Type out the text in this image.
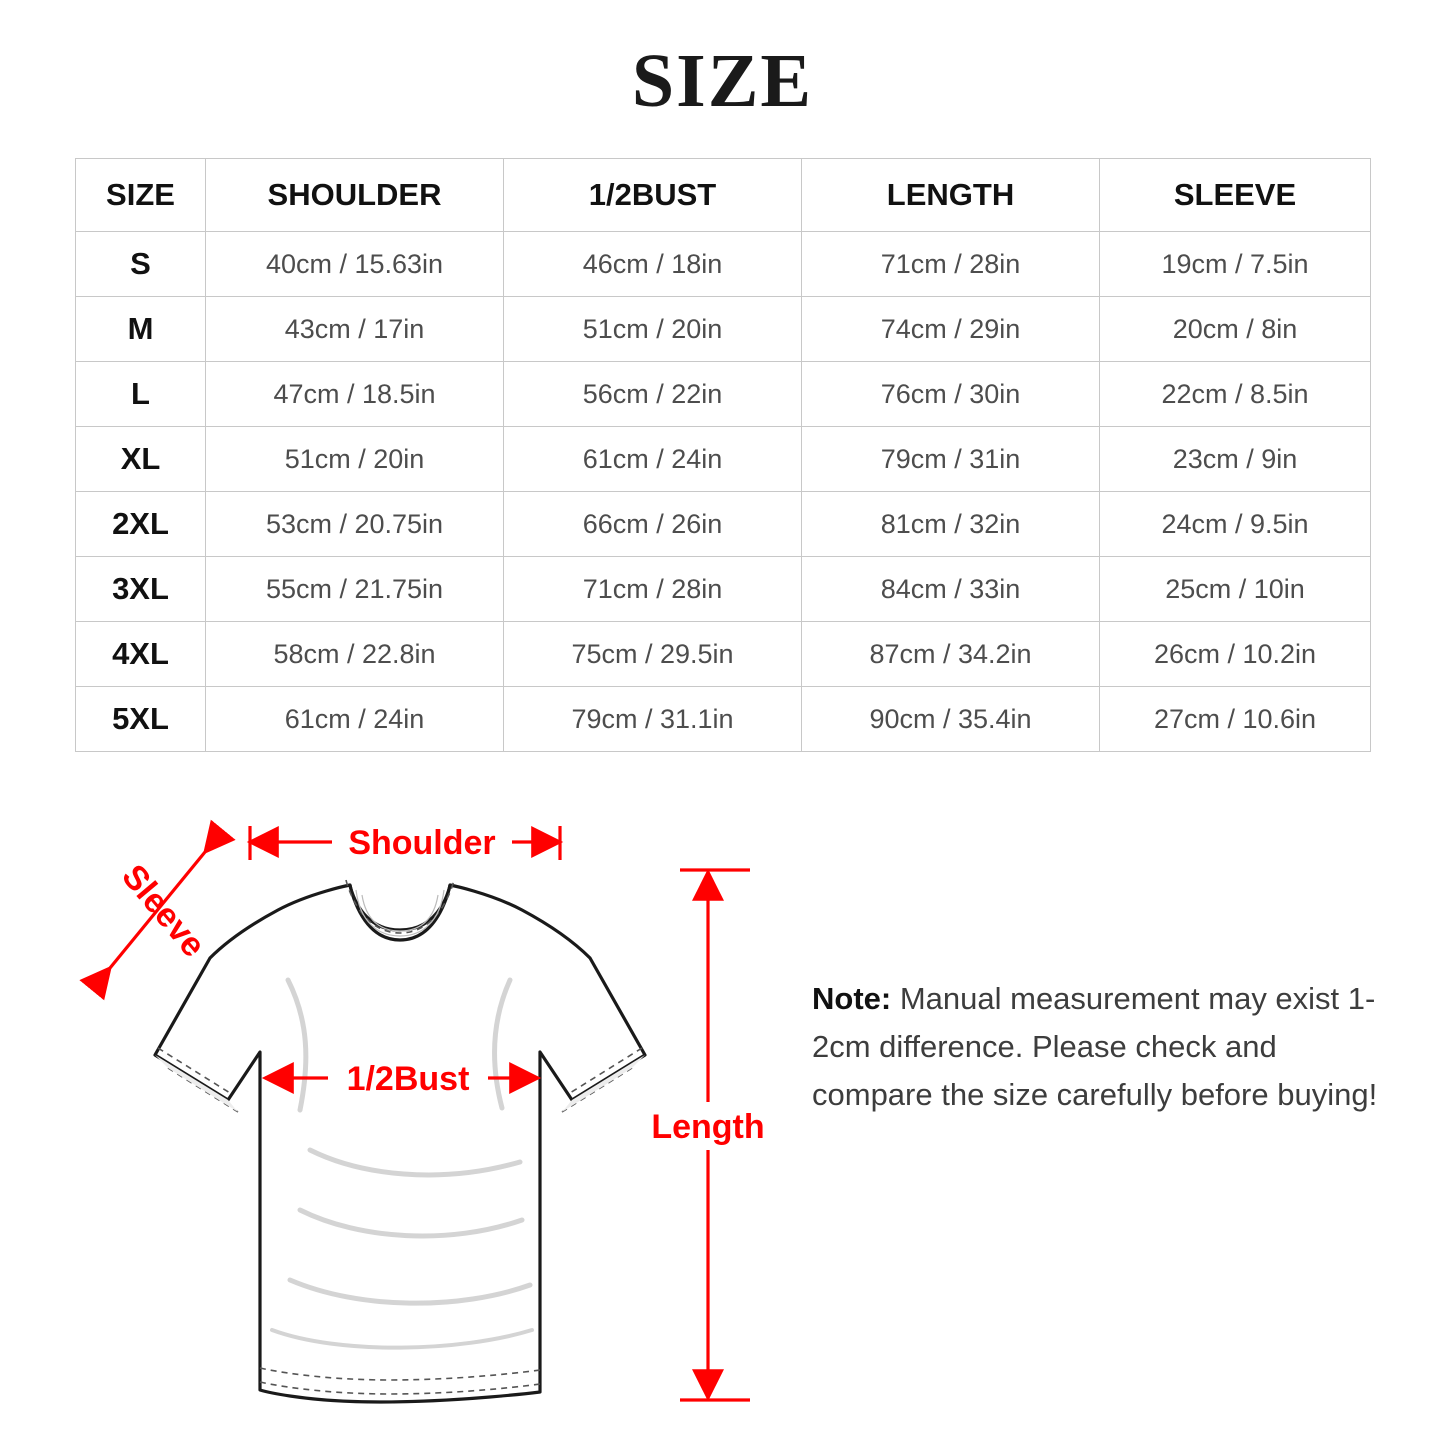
SIZE
SIZE	SHOULDER	1/2BUST	LENGTH	SLEEVE
S	40cm / 15.63in	46cm / 18in	71cm / 28in	19cm / 7.5in
M	43cm / 17in	51cm / 20in	74cm / 29in	20cm / 8in
L	47cm / 18.5in	56cm / 22in	76cm / 30in	22cm / 8.5in
XL	51cm / 20in	61cm / 24in	79cm / 31in	23cm / 9in
2XL	53cm / 20.75in	66cm / 26in	81cm / 32in	24cm / 9.5in
3XL	55cm / 21.75in	71cm / 28in	84cm / 33in	25cm / 10in
4XL	58cm / 22.8in	75cm / 29.5in	87cm / 34.2in	26cm / 10.2in
5XL	61cm / 24in	79cm / 31.1in	90cm / 35.4in	27cm / 10.6in
Shoulder
Sleeve
1/2Bust
Length
Note: Manual measurement may exist 1-2cm difference. Please check and compare the size carefully before buying!
